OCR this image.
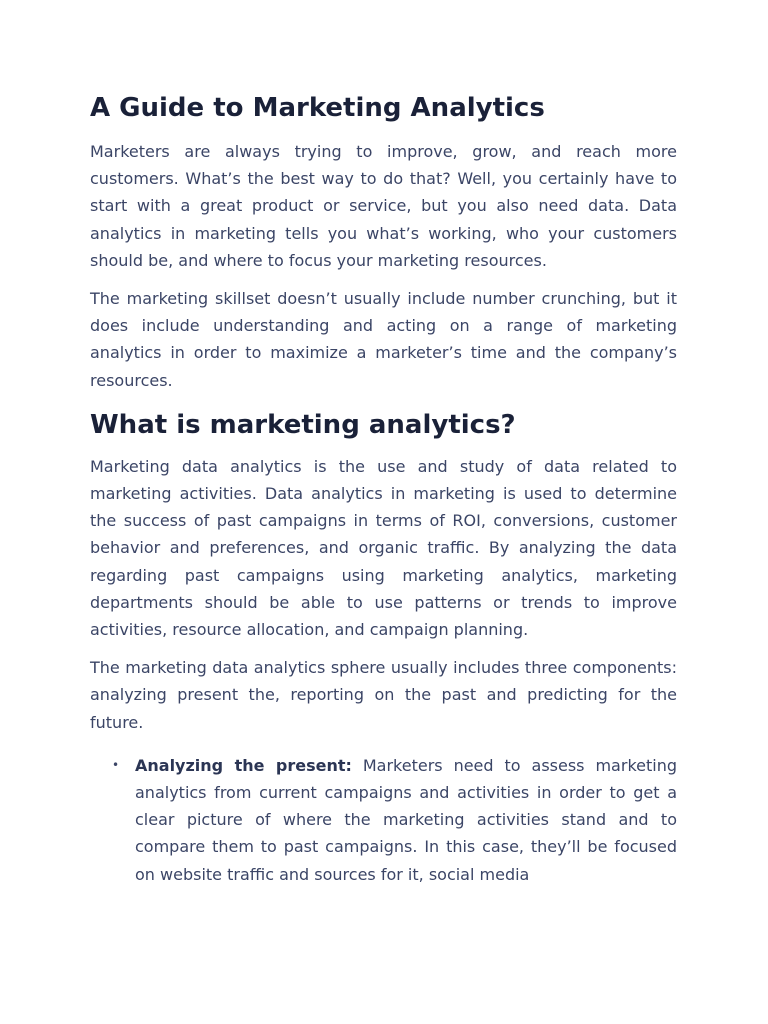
A Guide to Marketing Analytics

Marketers are always trying to improve, grow, and reach more customers. What’s the best way to do that? Well, you certainly have to start with a great product or service, but you also need data. Data analytics in marketing tells you what’s working, who your customers should be, and where to focus your marketing resources.

The marketing skillset doesn’t usually include number crunching, but it does include understanding and acting on a range of marketing analytics in order to maximize a marketer’s time and the company’s resources.

What is marketing analytics?

Marketing data analytics is the use and study of data related to marketing activities. Data analytics in marketing is used to determine the success of past campaigns in terms of ROI, conversions, customer behavior and preferences, and organic traffic. By analyzing the data regarding past campaigns using marketing analytics, marketing departments should be able to use patterns or trends to improve activities, resource allocation, and campaign planning.

The marketing data analytics sphere usually includes three components: analyzing present the, reporting on the past and predicting for the future.

• Analyzing the present: Marketers need to assess marketing analytics from current campaigns and activities in order to get a clear picture of where the marketing activities stand and to compare them to past campaigns. In this case, they’ll be focused on website traffic and sources for it, social media
